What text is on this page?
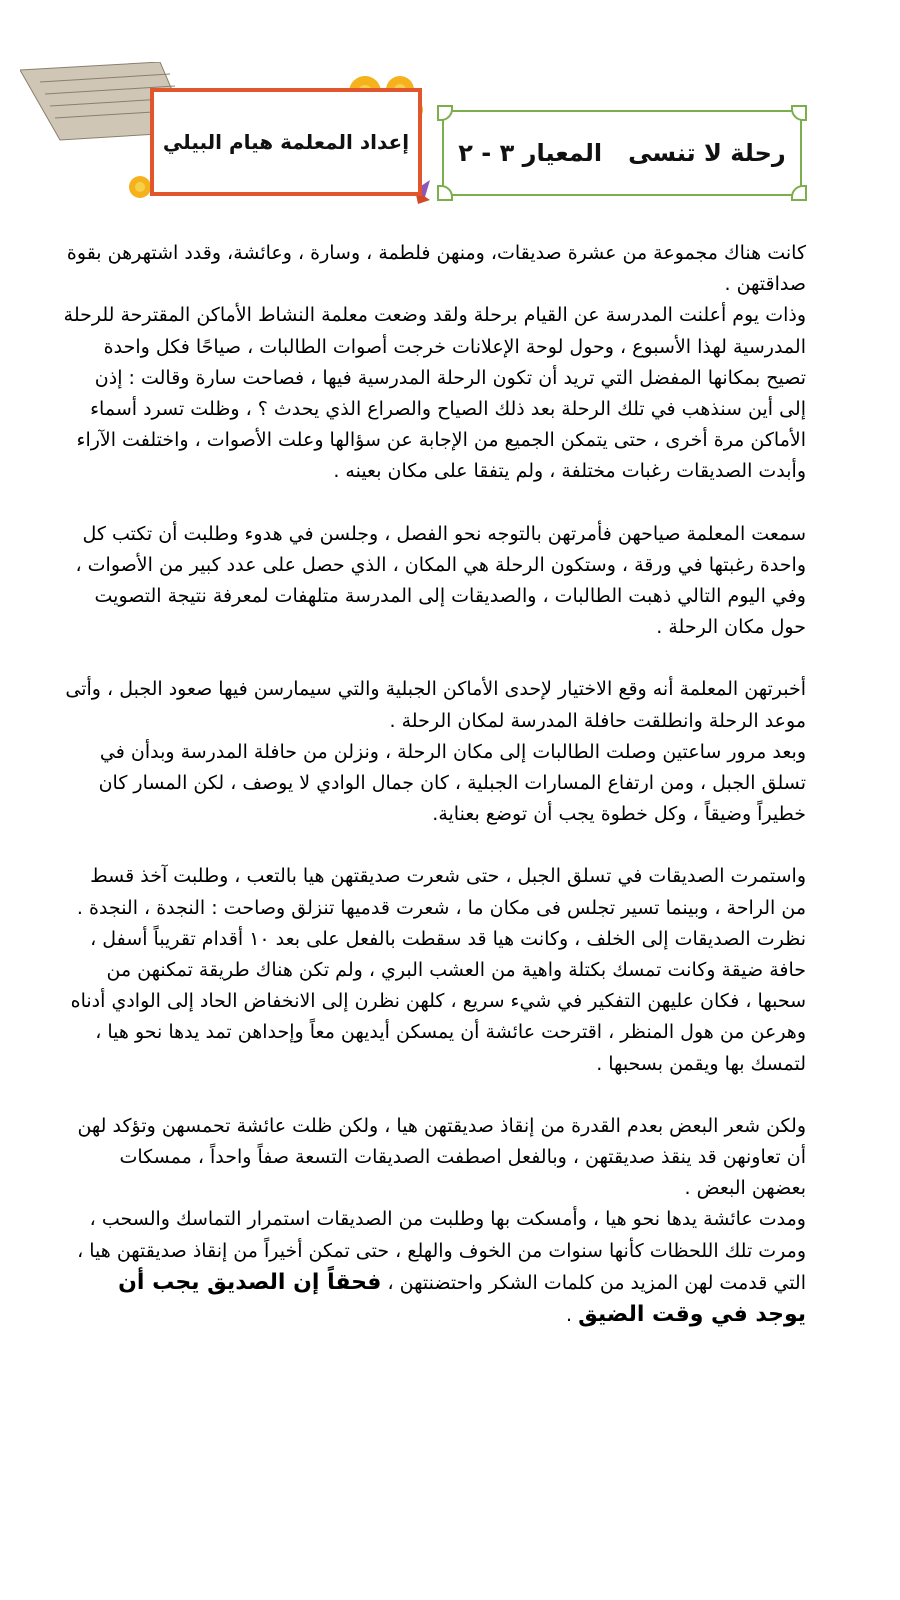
إعداد المعلمة هيام البيلي	رحلة لا تنسىالمعيار ٣ - ٢

كانت هناك مجموعة من عشرة صديقات، ومنهن فلطمة ، وسارة ، وعائشة، وقدد اشتهرهن بقوة صداقتهن .

وذات يوم أعلنت المدرسة عن القيام برحلة ولقد وضعت معلمة النشاط الأماكن المقترحة للرحلة المدرسية لهذا الأسبوع ، وحول لوحة الإعلانات خرجت أصوات الطالبات ، صياحًا فكل واحدة تصيح بمكانها المفضل التي تريد أن تكون الرحلة المدرسية فيها ، فصاحت سارة وقالت : إذن إلى أين سنذهب في تلك الرحلة بعد ذلك الصياح والصراع الذي يحدث ؟ ، وظلت تسرد أسماء الأماكن مرة أخرى ، حتى يتمكن الجميع من الإجابة عن سؤالها وعلت الأصوات ، واختلفت الآراء وأبدت الصديقات رغبات مختلفة ، ولم يتفقا على مكان بعينه .

سمعت المعلمة صياحهن فأمرتهن بالتوجه نحو الفصل ، وجلسن في هدوء وطلبت أن تكتب كل واحدة رغبتها في ورقة ، وستكون الرحلة هي المكان ، الذي حصل على عدد كبير من الأصوات ، وفي اليوم التالي ذهبت الطالبات ، والصديقات إلى المدرسة متلهفات لمعرفة نتيجة التصويت حول مكان الرحلة .

أخبرتهن المعلمة أنه وقع الاختيار لإحدى الأماكن الجبلية والتي سيمارسن فيها صعود الجبل ، وأتى موعد الرحلة وانطلقت حافلة المدرسة لمكان الرحلة .

وبعد مرور ساعتين وصلت الطالبات إلى مكان الرحلة ، ونزلن من حافلة المدرسة وبدأن في تسلق الجبل ، ومن ارتفاع المسارات الجبلية ، كان جمال الوادي لا يوصف ، لكن المسار كان خطيراً وضيقاً ، وكل خطوة يجب أن توضع بعناية.

واستمرت الصديقات في تسلق الجبل ، حتى شعرت صديقتهن هيا بالتعب ، وطلبت آخذ قسط من الراحة ، وبينما تسير تجلس فى مكان ما ، شعرت قدميها تنزلق وصاحت : النجدة ، النجدة .

نظرت الصديقات إلى الخلف ، وكانت هيا قد سقطت بالفعل على بعد ١٠ أقدام تقريباً أسفل ، حافة ضيقة وكانت تمسك بكتلة واهية من العشب البري ، ولم تكن هناك طريقة تمكنهن من سحبها ، فكان عليهن التفكير في شيء سريع ، كلهن نظرن إلى الانخفاض الحاد إلى الوادي أدناه وهرعن من هول المنظر ، اقترحت عائشة أن يمسكن أيديهن معاً وإحداهن تمد يدها نحو هيا ، لتمسك بها ويقمن بسحبها .

ولكن شعر البعض بعدم القدرة من إنقاذ صديقتهن هيا ، ولكن ظلت عائشة تحمسهن وتؤكد لهن أن تعاونهن قد ينقذ صديقتهن ، وبالفعل اصطفت الصديقات التسعة صفاً واحداً ، ممسكات بعضهن البعض .

ومدت عائشة يدها نحو هيا ، وأمسكت بها وطلبت من الصديقات استمرار التماسك والسحب ، ومرت تلك اللحظات كأنها سنوات من الخوف والهلع ، حتى تمكن أخيراً من إنقاذ صديقتهن هيا ، التي قدمت لهن المزيد من كلمات الشكر واحتضنتهن ، فحقاً إن الصديق يجب أن يوجد في وقت الضيق .
